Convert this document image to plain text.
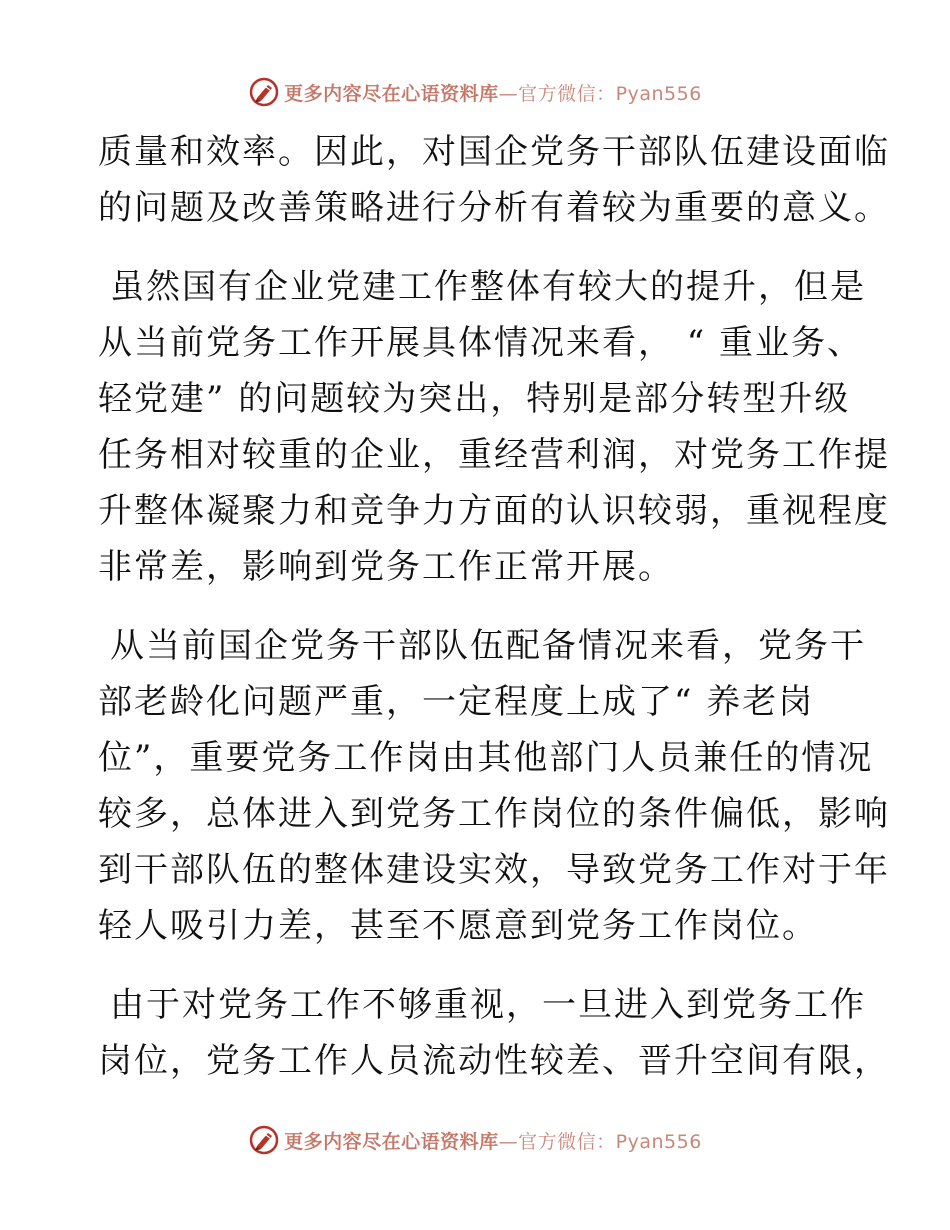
更多内容尽在心语资料库—官方微信：Pyan556

质量和效率。因此，对国企党务干部队伍建设面临
的问题及改善策略进行分析有着较为重要的意义。

虽然国有企业党建工作整体有较大的提升，但是
从当前党务工作开展具体情况来看， “ 重业务、
轻党建” 的问题较为突出，特别是部分转型升级
任务相对较重的企业，重经营利润，对党务工作提
升整体凝聚力和竞争力方面的认识较弱，重视程度
非常差，影响到党务工作正常开展。

从当前国企党务干部队伍配备情况来看，党务干
部老龄化问题严重，一定程度上成了“ 养老岗
位”，重要党务工作岗由其他部门人员兼任的情况
较多，总体进入到党务工作岗位的条件偏低，影响
到干部队伍的整体建设实效，导致党务工作对于年
轻人吸引力差，甚至不愿意到党务工作岗位。

由于对党务工作不够重视，一旦进入到党务工作
岗位，党务工作人员流动性较差、晋升空间有限，

更多内容尽在心语资料库—官方微信：Pyan556
